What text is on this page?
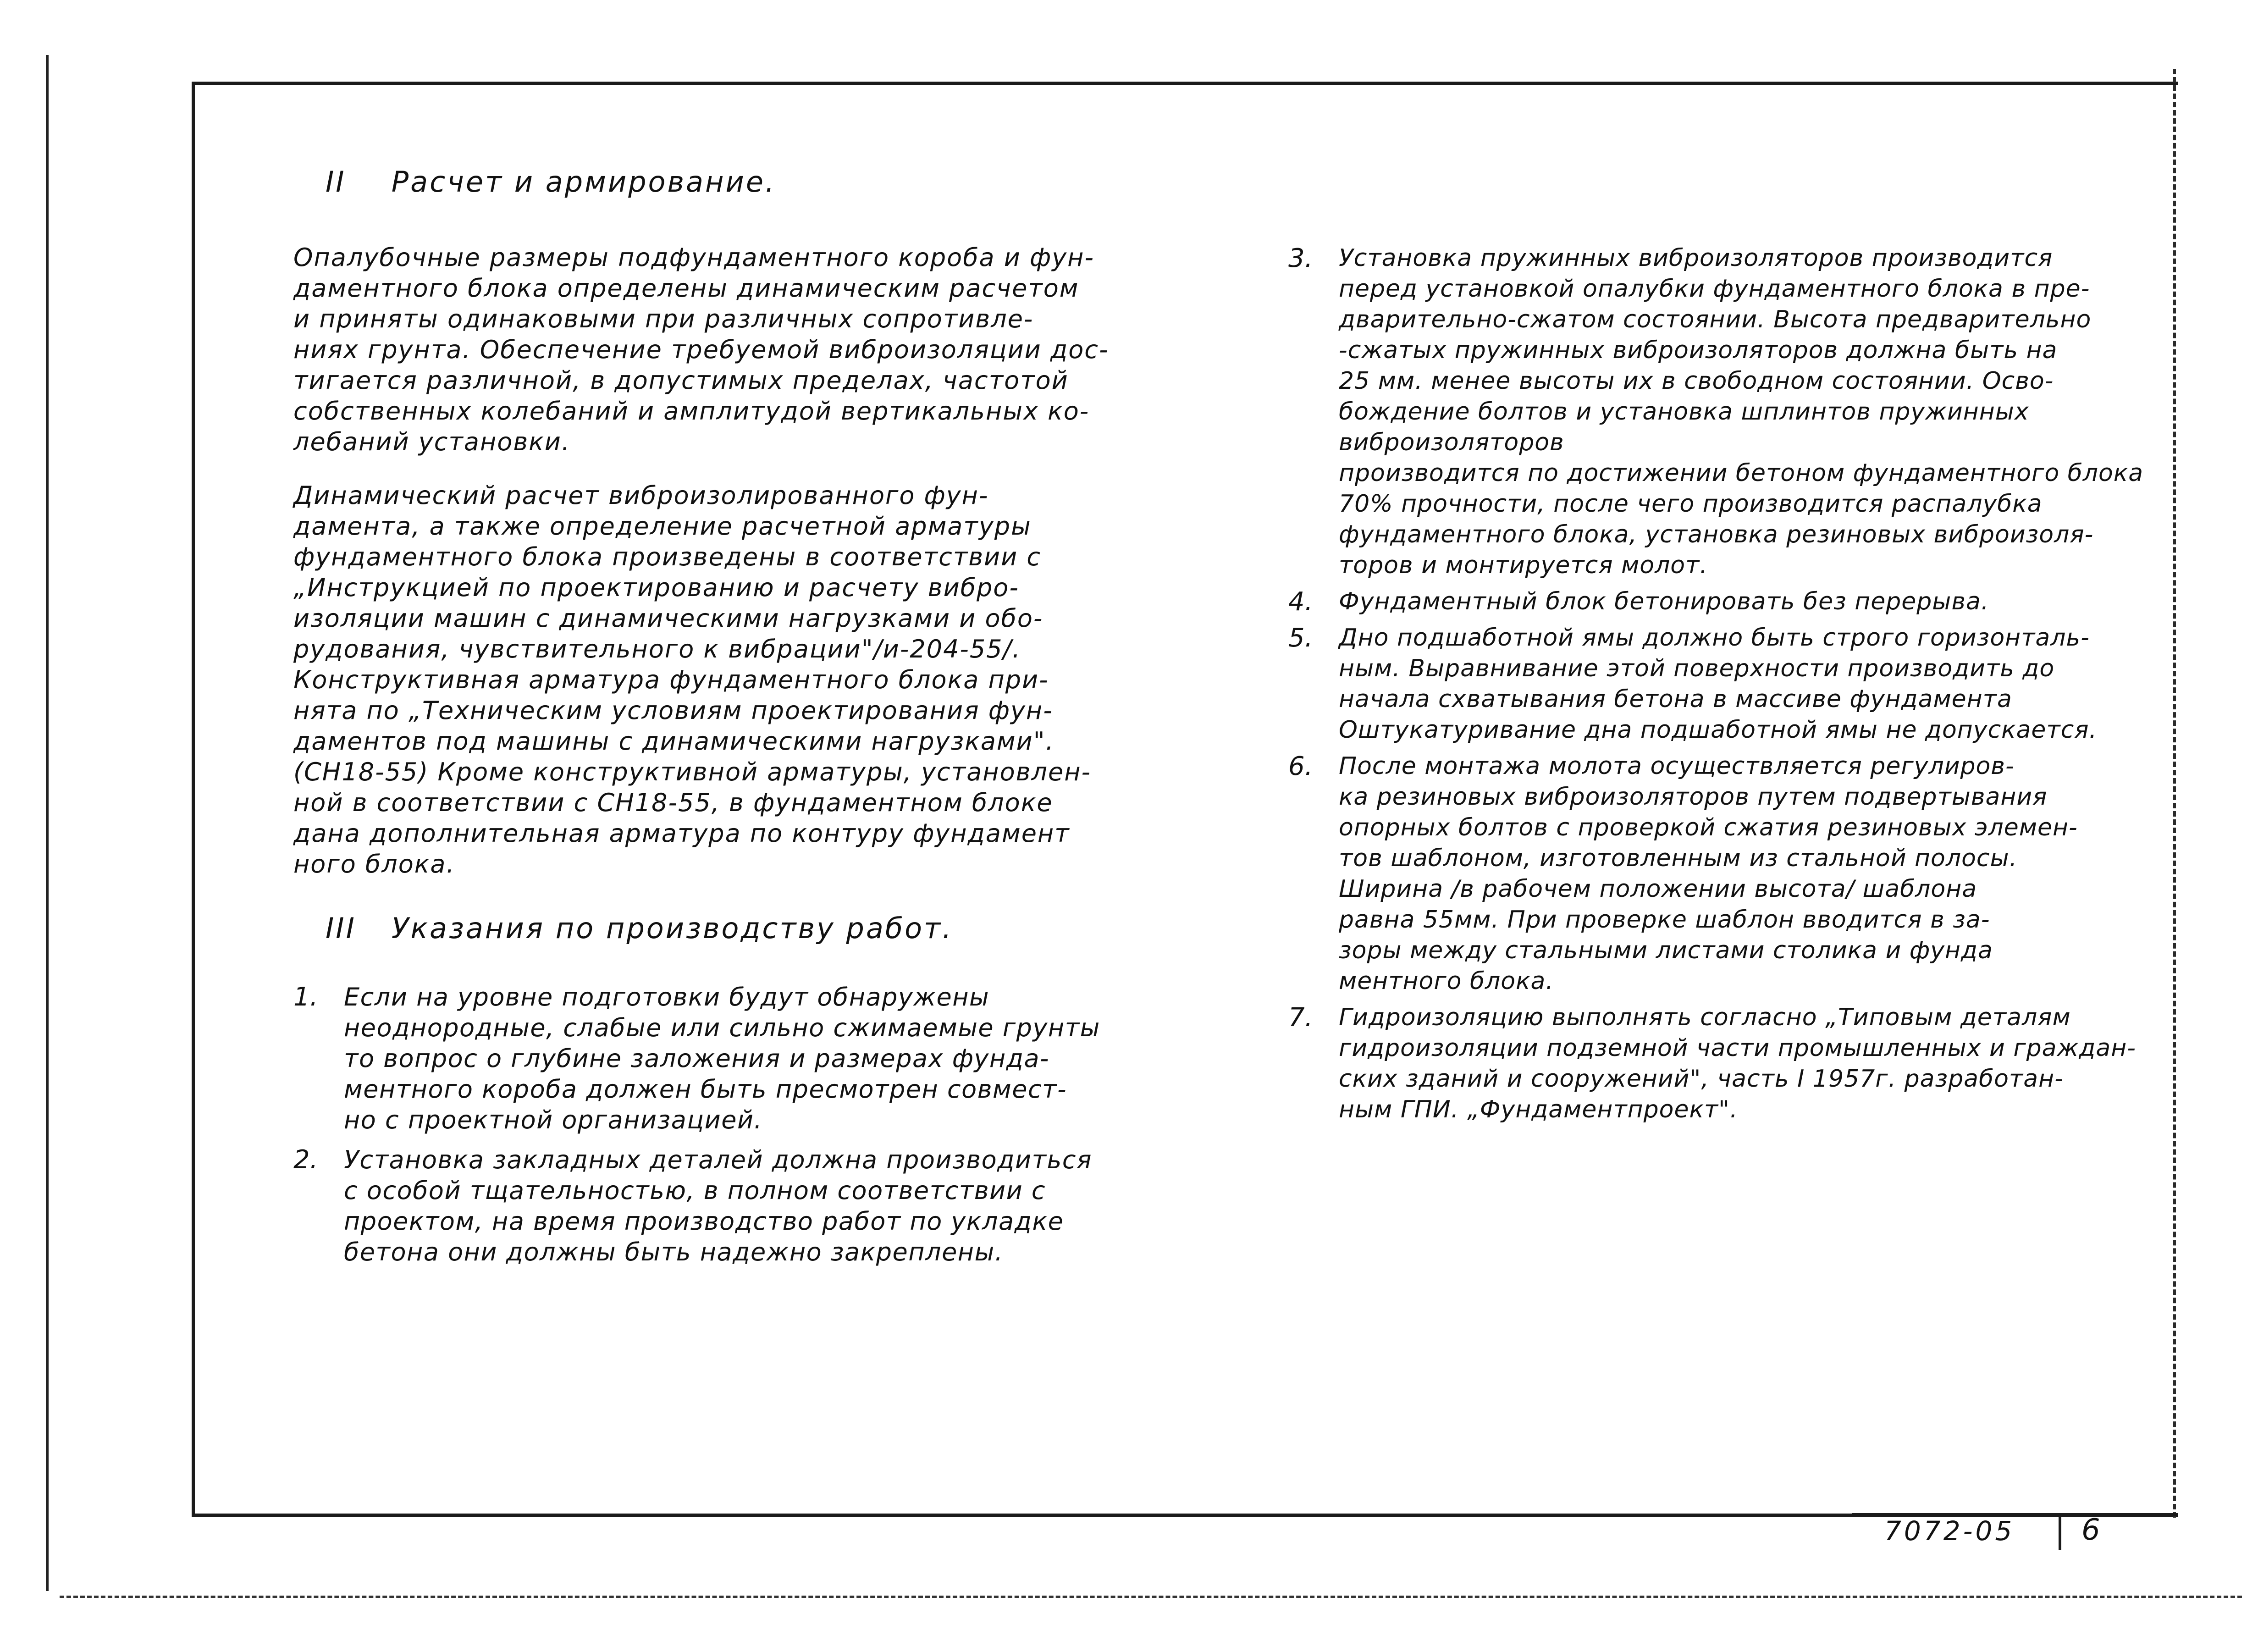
II Расчет и армирование.
Опалубочные размеры подфундаментного короба и фун-
даментного блока определены динамическим расчетом
и приняты одинаковыми при различных сопротивле-
ниях грунта. Обеспечение требуемой виброизоляции дос-
тигается различной, в допустимых пределах, частотой
собственных колебаний и амплитудой вертикальных ко-
лебаний установки.
Динамический расчет виброизолированного фун-
дамента, а также определение расчетной арматуры
фундаментного блока произведены в соответствии с
„Инструкцией по проектированию и расчету вибро-
изоляции машин с динамическими нагрузками и обо-
рудования, чувствительного к вибрации"/и-204-55/.
Конструктивная арматура фундаментного блока при-
нята по „Техническим условиям проектирования фун-
даментов под машины с динамическими нагрузками".
(СН18-55) Кроме конструктивной арматуры, установлен-
ной в соответствии с СН18-55, в фундаментном блоке
дана дополнительная арматура по контуру фундамент
ного блока.
III Указания по производству работ.
1.	Если на уровне подготовки будут обнаружены
неоднородные, слабые или сильно сжимаемые грунты
то вопрос о глубине заложения и размерах фунда-
ментного короба должен быть пресмотрен совмест-
но с проектной организацией.
2.	Установка закладных деталей должна производиться
с особой тщательностью, в полном соответствии с
проектом, на время производство работ по укладке
бетона они должны быть надежно закреплены.
3.	Установка пружинных виброизоляторов производится
перед установкой опалубки фундаментного блока в пре-
дварительно-сжатом состоянии. Высота предварительно
-сжатых пружинных виброизоляторов должна быть на
25 мм. менее высоты их в свободном состоянии. Осво-
бождение болтов и установка шплинтов пружинных виброизоляторов
производится по достижении бетоном фундаментного блока
70% прочности, после чего производится распалубка
фундаментного блока, установка резиновых виброизоля-
торов и монтируется молот.
4.	Фундаментный блок бетонировать без перерыва.
5.	Дно подшаботной ямы должно быть строго горизонталь-
ным. Выравнивание этой поверхности производить до
начала схватывания бетона в массиве фундамента
Оштукатуривание дна подшаботной ямы не допускается.
6.	После монтажа молота осуществляется регулиров-
ка резиновых виброизоляторов путем подвертывания
опорных болтов с проверкой сжатия резиновых элемен-
тов шаблоном, изготовленным из стальной полосы.
Ширина /в рабочем положении высота/ шаблона
равна 55мм. При проверке шаблон вводится в за-
зоры между стальными листами столика и фунда
ментного блока.
7.	Гидроизоляцию выполнять согласно „Типовым деталям
гидроизоляции подземной части промышленных и граждан-
ских зданий и сооружений", часть I 1957г. разработан-
ным ГПИ. „Фундаментпроект".
7072-05 6
